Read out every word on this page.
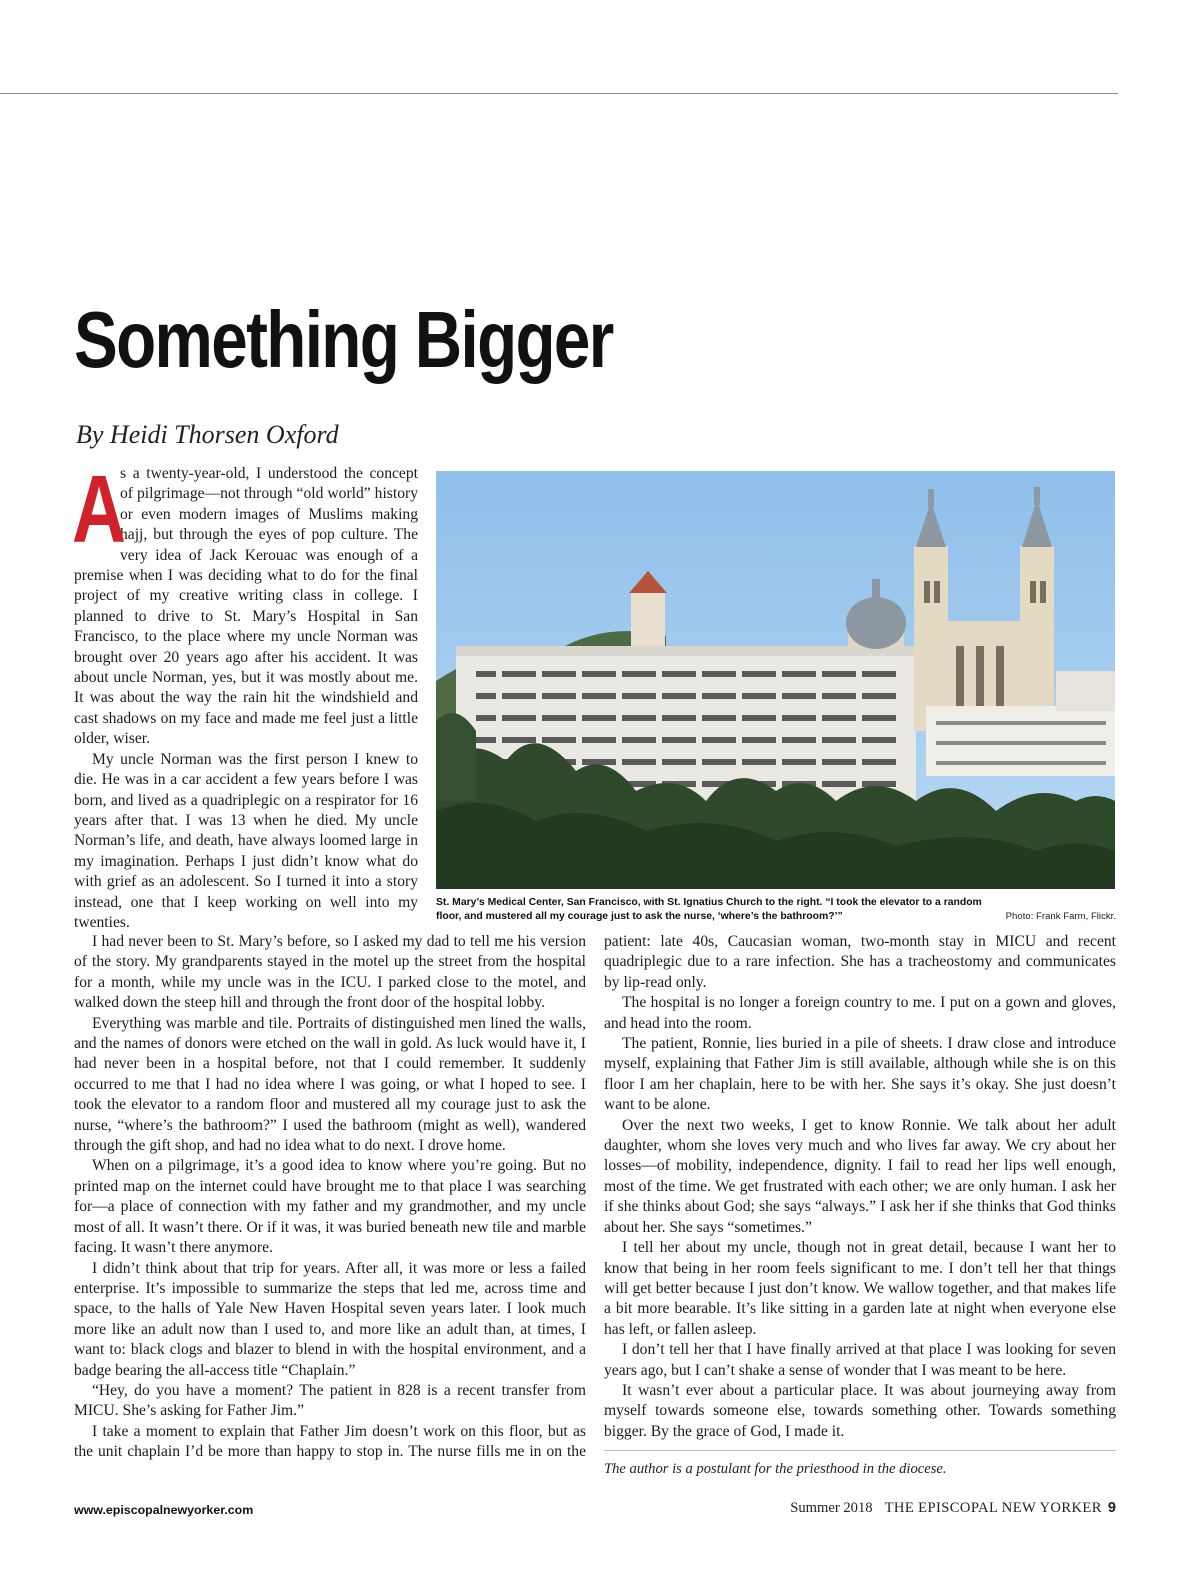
Something Bigger
By Heidi Thorsen Oxford

A
s a twenty-year-old, I understood the concept of pilgrimage—not through “old world” history or even modern images of Muslims making hajj, but through the eyes of pop culture. The very idea of Jack Kerouac was enough of a premise when I was deciding what to do for the final project of my creative writing class in college. I planned to drive to St. Mary’s Hospital in San Francisco, to the place where my uncle Norman was brought over 20 years ago after his accident. It was about uncle Norman, yes, but it was mostly about me. It was about the way the rain hit the windshield and cast shadows on my face and made me feel just a little older, wiser.

My uncle Norman was the first person I knew to die. He was in a car accident a few years before I was born, and lived as a quadriplegic on a respirator for 16 years after that. I was 13 when he died. My uncle Norman’s life, and death, have always loomed large in my imagination. Perhaps I just didn’t know what do with grief as an adolescent. So I turned it into a story instead, one that I keep working on well into my twenties.

St. Mary’s Medical Center, San Francisco, with St. Ignatius Church to the right. “I took the elevator to a random floor, and mustered all my courage just to ask the nurse, ‘where’s the bathroom?’”	Photo: Frank Farm, Flickr.

I had never been to St. Mary’s before, so I asked my dad to tell me his version of the story. My grandparents stayed in the motel up the street from the hospital for a month, while my uncle was in the ICU. I parked close to the motel, and walked down the steep hill and through the front door of the hospital lobby.

Everything was marble and tile. Portraits of distinguished men lined the walls, and the names of donors were etched on the wall in gold. As luck would have it, I had never been in a hospital before, not that I could remember. It suddenly occurred to me that I had no idea where I was going, or what I hoped to see. I took the elevator to a random floor and mustered all my courage just to ask the nurse, “where’s the bathroom?” I used the bathroom (might as well), wandered through the gift shop, and had no idea what to do next. I drove home.

When on a pilgrimage, it’s a good idea to know where you’re going. But no printed map on the internet could have brought me to that place I was searching for—a place of connection with my father and my grandmother, and my uncle most of all. It wasn’t there. Or if it was, it was buried beneath new tile and marble facing. It wasn’t there anymore.

I didn’t think about that trip for years. After all, it was more or less a failed enterprise. It’s impossible to summarize the steps that led me, across time and space, to the halls of Yale New Haven Hospital seven years later. I look much more like an adult now than I used to, and more like an adult than, at times, I want to: black clogs and blazer to blend in with the hospital environment, and a badge bearing the all-access title “Chaplain.”

“Hey, do you have a moment? The patient in 828 is a recent transfer from MICU. She’s asking for Father Jim.”

I take a moment to explain that Father Jim doesn’t work on this floor, but as the unit chaplain I’d be more than happy to stop in. The nurse fills me in on the

patient: late 40s, Caucasian woman, two-month stay in MICU and recent quadriplegic due to a rare infection. She has a tracheostomy and communicates by lip-read only.

The hospital is no longer a foreign country to me. I put on a gown and gloves, and head into the room.

The patient, Ronnie, lies buried in a pile of sheets. I draw close and introduce myself, explaining that Father Jim is still available, although while she is on this floor I am her chaplain, here to be with her. She says it’s okay. She just doesn’t want to be alone.

Over the next two weeks, I get to know Ronnie. We talk about her adult daughter, whom she loves very much and who lives far away. We cry about her losses—of mobility, independence, dignity. I fail to read her lips well enough, most of the time. We get frustrated with each other; we are only human. I ask her if she thinks about God; she says “always.” I ask her if she thinks that God thinks about her. She says “sometimes.”

I tell her about my uncle, though not in great detail, because I want her to know that being in her room feels significant to me. I don’t tell her that things will get better because I just don’t know. We wallow together, and that makes life a bit more bearable. It’s like sitting in a garden late at night when everyone else has left, or fallen asleep.

I don’t tell her that I have finally arrived at that place I was looking for seven years ago, but I can’t shake a sense of wonder that I was meant to be here.

It wasn’t ever about a particular place. It was about journeying away from myself towards someone else, towards something other. Towards something bigger. By the grace of God, I made it.

The author is a postulant for the priesthood in the diocese.
www.episcopalnewyorker.com	Summer 2018 THE EPISCOPAL NEW YORKER 9
